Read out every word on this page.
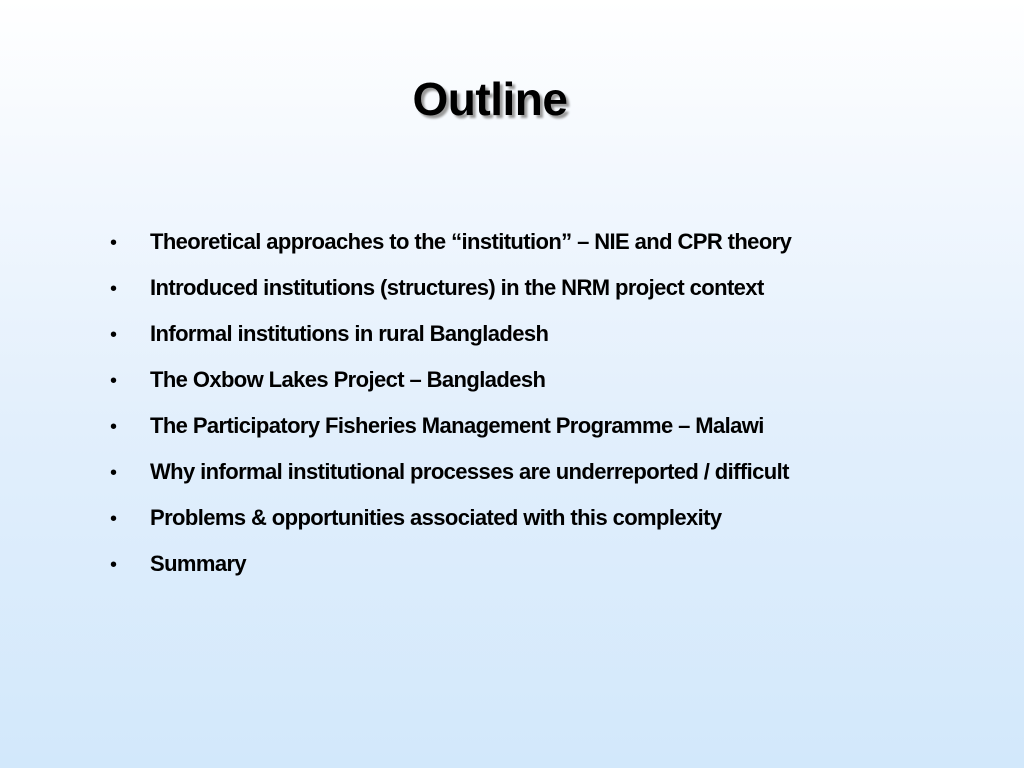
Outline
•	Theoretical approaches to the “institution” – NIE and CPR theory
•	Introduced institutions (structures) in the NRM project context
•	Informal institutions in rural Bangladesh
•	The Oxbow Lakes Project – Bangladesh
•	The Participatory Fisheries Management Programme – Malawi
•	Why informal institutional processes are underreported / difficult
•	Problems & opportunities associated with this complexity
•	Summary
